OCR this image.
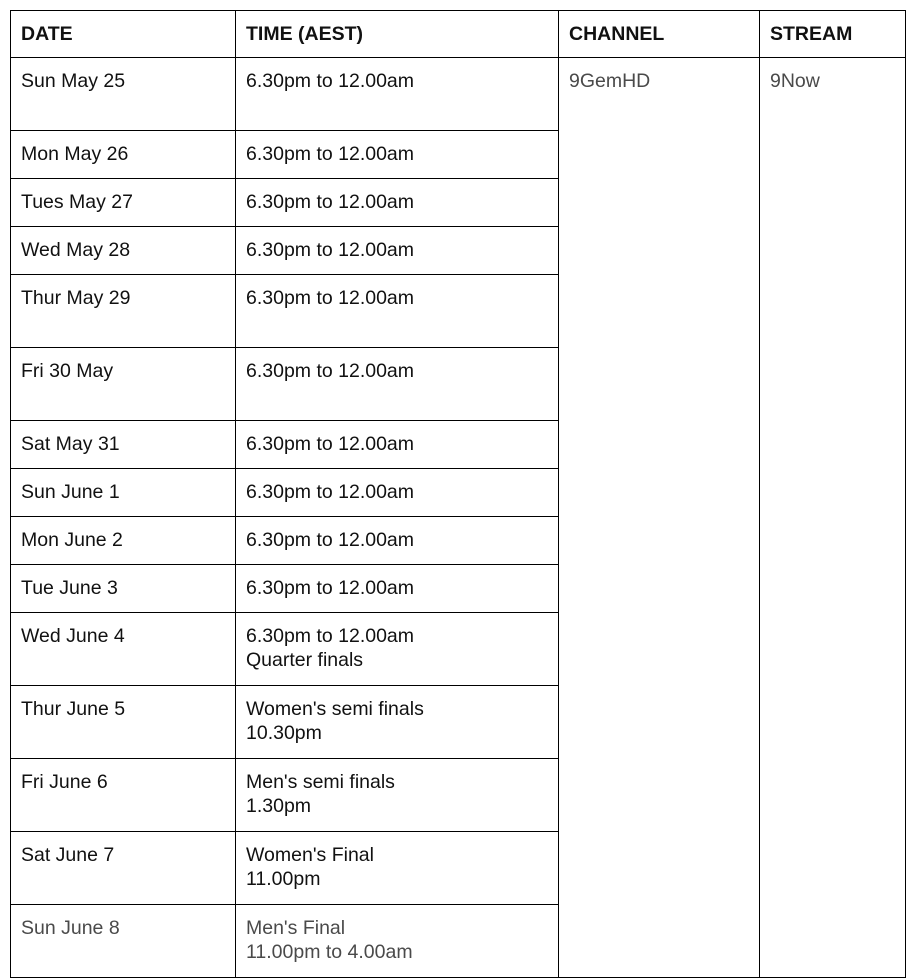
DATE	TIME (AEST)	CHANNEL	STREAM
Sun May 25	6.30pm to 12.00am	9GemHD	9Now
Mon May 26	6.30pm to 12.00am		

Tues May 27	6.30pm to 12.00am		

Wed May 28	6.30pm to 12.00am		

Thur May 29	6.30pm to 12.00am		

Fri 30 May	6.30pm to 12.00am		

Sat May 31	6.30pm to 12.00am		

Sun June 1	6.30pm to 12.00am		

Mon June 2	6.30pm to 12.00am		

Tue June 3	6.30pm to 12.00am		

Wed June 4	6.30pm to 12.00am
Quarter finals		

Thur June 5	Women's semi finals
10.30pm		

Fri June 6	Men's semi finals
1.30pm		

Sat June 7	Women's Final
11.00pm		

Sun June 8	Men's Final
11.00pm to 4.00am		
